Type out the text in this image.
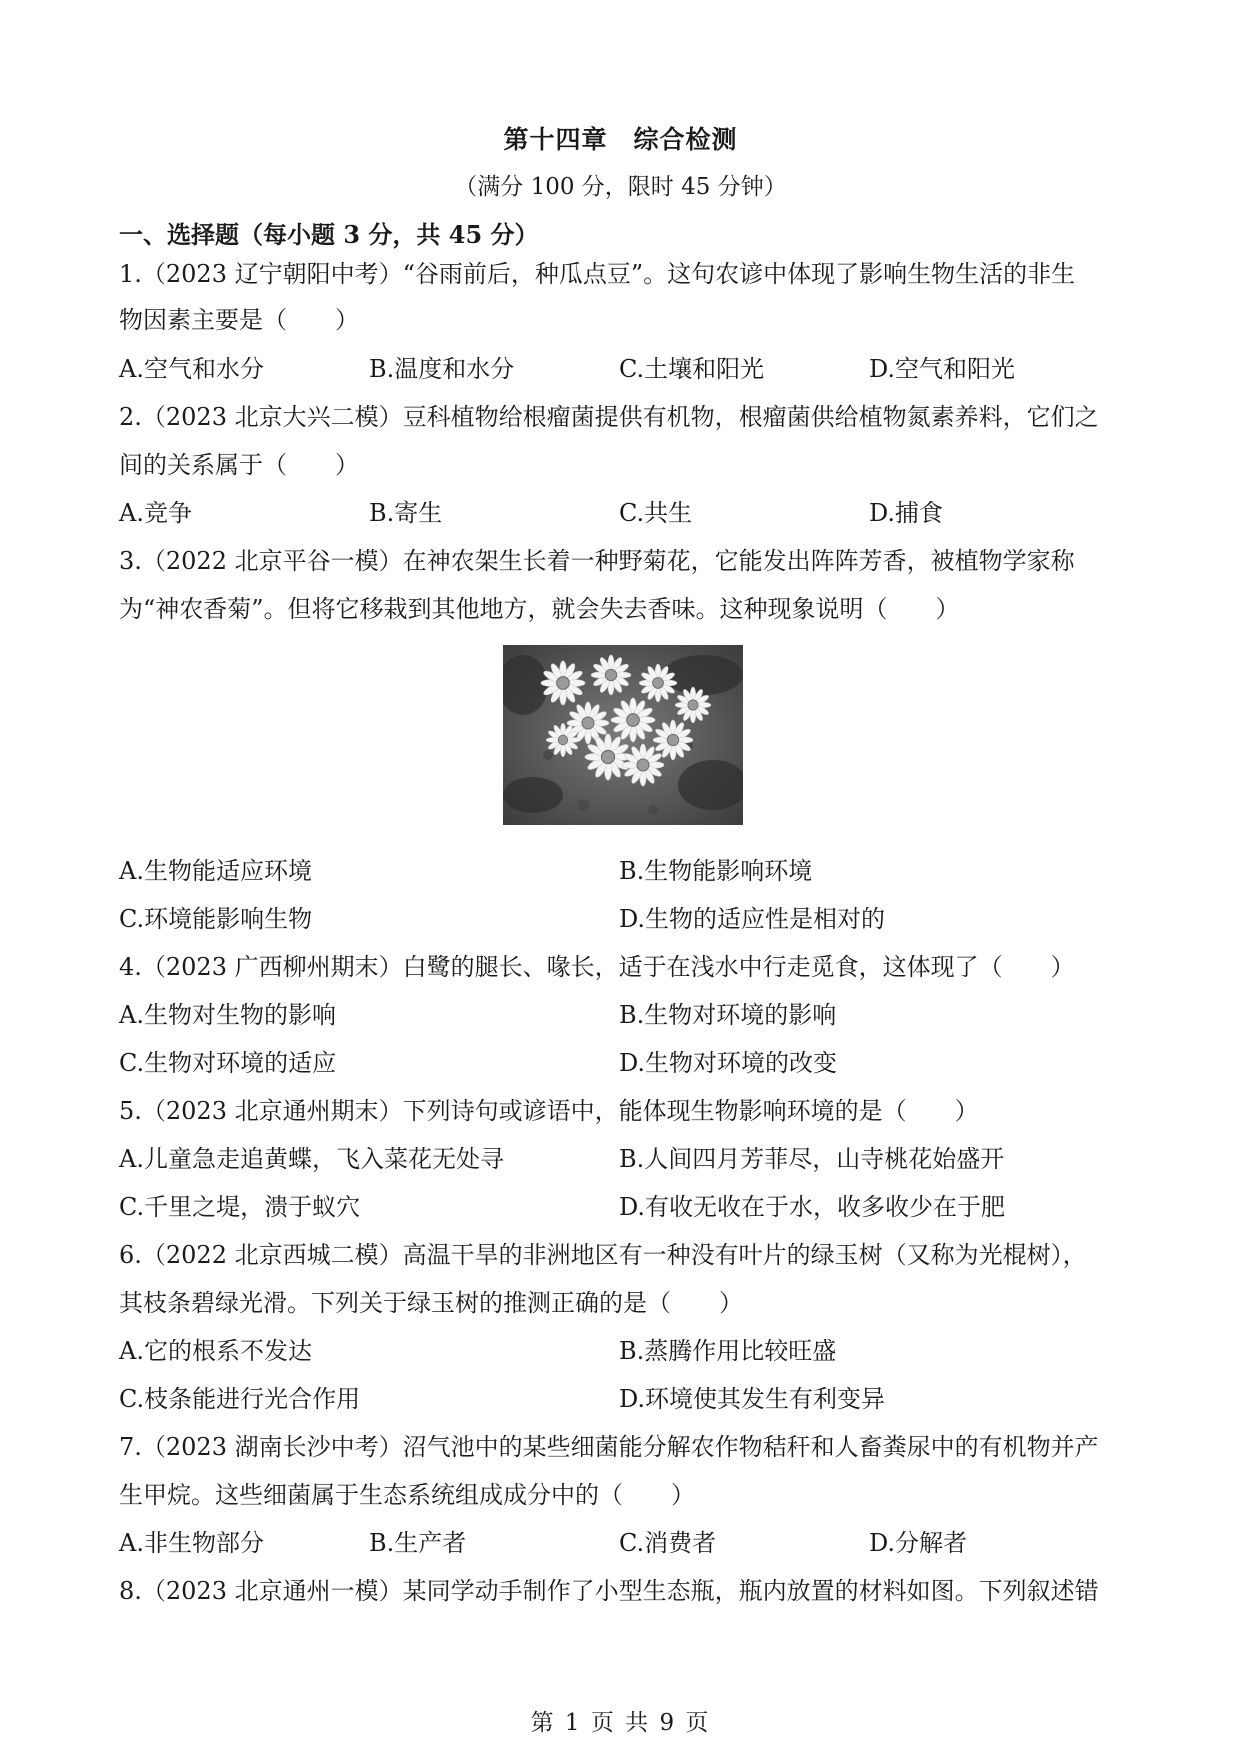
第十四章　综合检测
（满分 100 分，限时 45 分钟）
一、选择题（每小题 3 分，共 45 分）
1.（2023 辽宁朝阳中考）“谷雨前后，种瓜点豆”。这句农谚中体现了影响生物生活的非生
物因素主要是（　　）
A.空气和水分	B.温度和水分	C.土壤和阳光	D.空气和阳光
2.（2023 北京大兴二模）豆科植物给根瘤菌提供有机物，根瘤菌供给植物氮素养料，它们之
间的关系属于（　　）
A.竞争	B.寄生	C.共生	D.捕食
3.（2022 北京平谷一模）在神农架生长着一种野菊花，它能发出阵阵芳香，被植物学家称
为“神农香菊”。但将它移栽到其他地方，就会失去香味。这种现象说明（　　）
A.生物能适应环境	B.生物能影响环境
C.环境能影响生物	D.生物的适应性是相对的
4.（2023 广西柳州期末）白鹭的腿长、喙长，适于在浅水中行走觅食，这体现了（　　）
A.生物对生物的影响	B.生物对环境的影响
C.生物对环境的适应	D.生物对环境的改变
5.（2023 北京通州期末）下列诗句或谚语中，能体现生物影响环境的是（　　）
A.儿童急走追黄蝶，飞入菜花无处寻	B.人间四月芳菲尽，山寺桃花始盛开
C.千里之堤，溃于蚁穴	D.有收无收在于水，收多收少在于肥
6.（2022 北京西城二模）高温干旱的非洲地区有一种没有叶片的绿玉树（又称为光棍树），
其枝条碧绿光滑。下列关于绿玉树的推测正确的是（　　）
A.它的根系不发达	B.蒸腾作用比较旺盛
C.枝条能进行光合作用	D.环境使其发生有利变异
7.（2023 湖南长沙中考）沼气池中的某些细菌能分解农作物秸秆和人畜粪尿中的有机物并产
生甲烷。这些细菌属于生态系统组成成分中的（　　）
A.非生物部分	B.生产者	C.消费者	D.分解者
8.（2023 北京通州一模）某同学动手制作了小型生态瓶，瓶内放置的材料如图。下列叙述错
第 1 页 共 9 页
